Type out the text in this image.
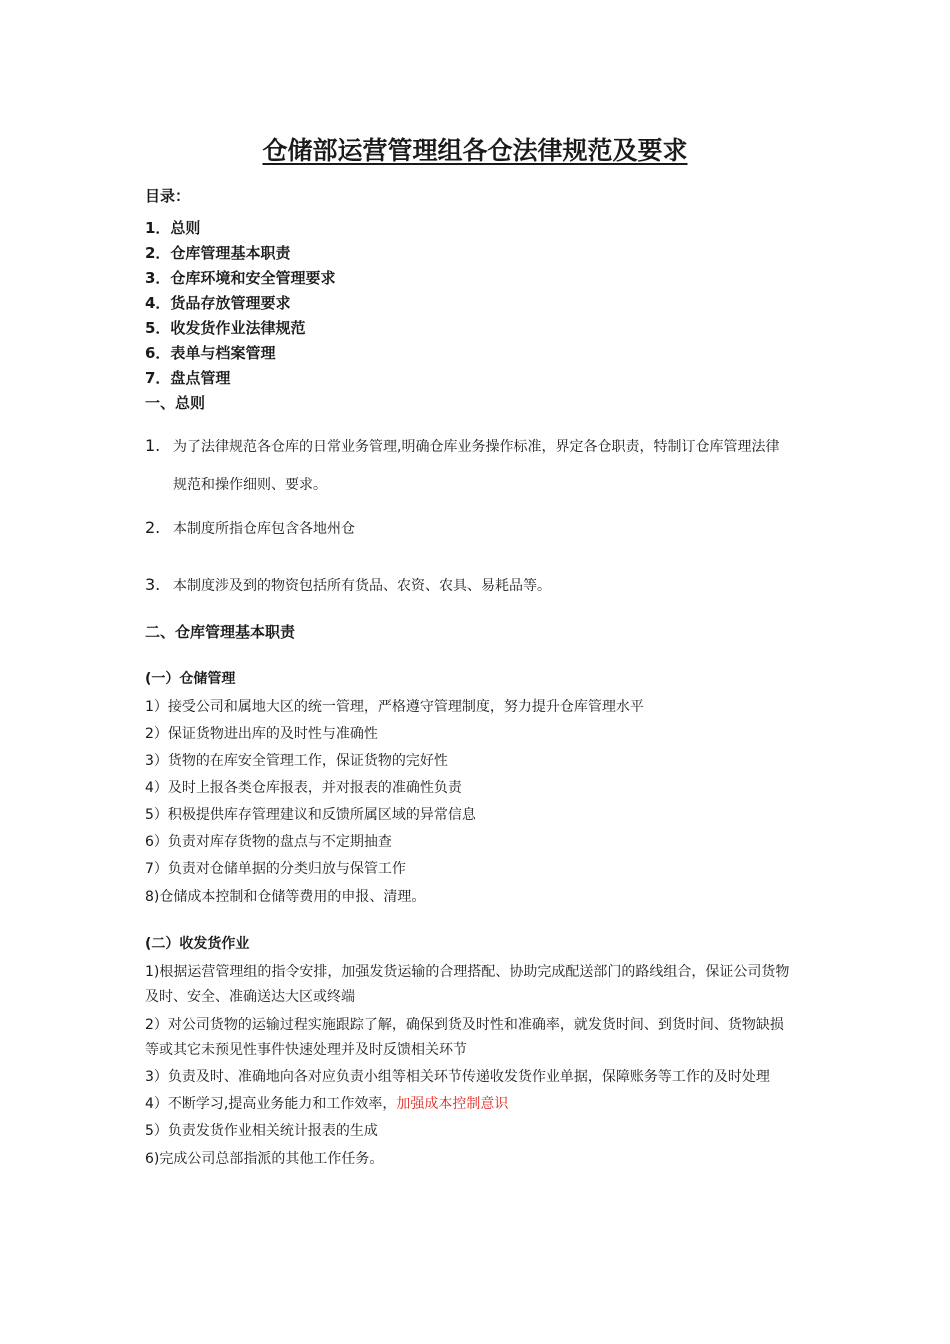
仓储部运营管理组各仓法律规范及要求
目录：
1．总则
2．仓库管理基本职责
3．仓库环境和安全管理要求
4．货品存放管理要求
5．收发货作业法律规范
6．表单与档案管理
7．盘点管理
一、总则
1. 为了法律规范各仓库的日常业务管理,明确仓库业务操作标准，界定各仓职责，特制订仓库管理法律
规范和操作细则、要求。
2. 本制度所指仓库包含各地州仓
3. 本制度涉及到的物资包括所有货品、农资、农具、易耗品等。
二、仓库管理基本职责
(一）仓储管理
1）接受公司和属地大区的统一管理，严格遵守管理制度，努力提升仓库管理水平
2）保证货物进出库的及时性与准确性
3）货物的在库安全管理工作，保证货物的完好性
4）及时上报各类仓库报表，并对报表的准确性负责
5）积极提供库存管理建议和反馈所属区域的异常信息
6）负责对库存货物的盘点与不定期抽查
7）负责对仓储单据的分类归放与保管工作
8)仓储成本控制和仓储等费用的申报、清理。
(二）收发货作业
1)根据运营管理组的指令安排，加强发货运输的合理搭配、协助完成配送部门的路线组合，保证公司货物
及时、安全、准确送达大区或终端
2）对公司货物的运输过程实施跟踪了解，确保到货及时性和准确率，就发货时间、到货时间、货物缺损
等或其它未预见性事件快速处理并及时反馈相关环节
3）负责及时、准确地向各对应负责小组等相关环节传递收发货作业单据，保障账务等工作的及时处理
4）不断学习,提高业务能力和工作效率，加强成本控制意识
5）负责发货作业相关统计报表的生成
6)完成公司总部指派的其他工作任务。
